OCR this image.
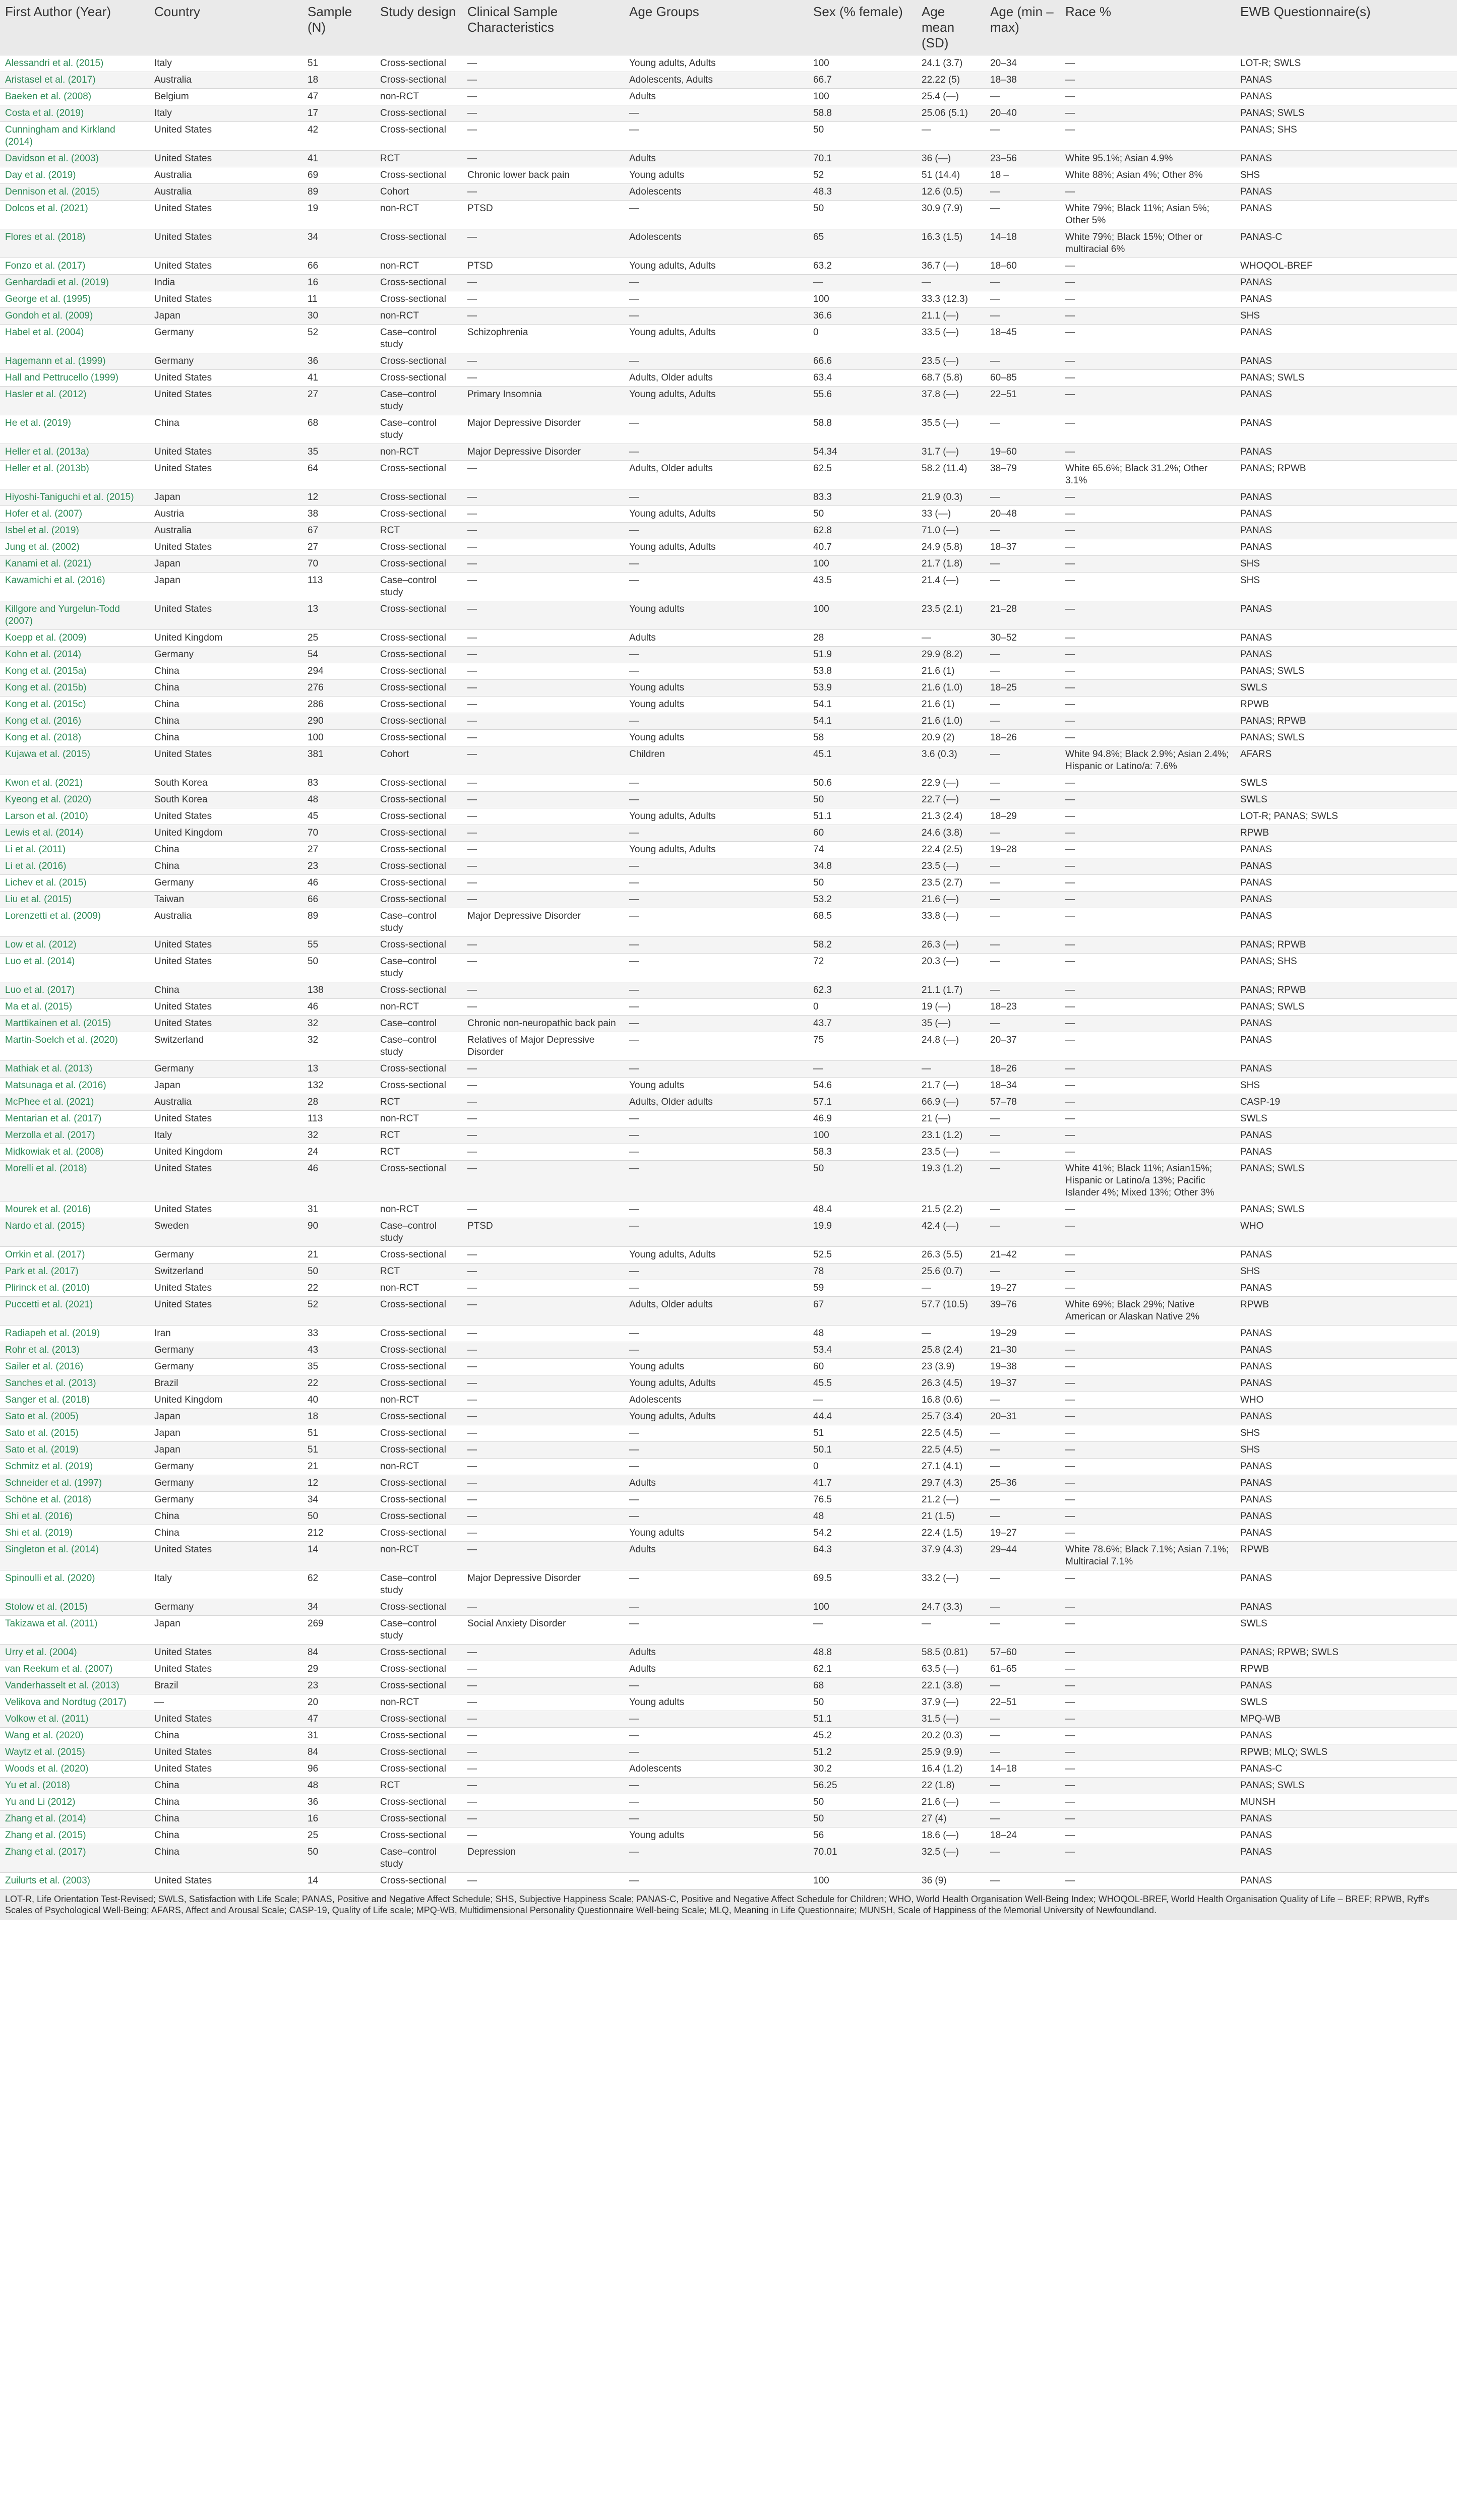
First Author (Year)	Country	Sample (N)	Study design	Clinical Sample Characteristics	Age Groups	Sex (% female)	Age mean (SD)	Age (min – max)	Race %	EWB Questionnaire(s)
Alessandri et al. (2015)	Italy	51	Cross-sectional	—	Young adults, Adults	100	24.1 (3.7)	20–34	—	LOT-R; SWLS
Aristasel et al. (2017)	Australia	18	Cross-sectional	—	Adolescents, Adults	66.7	22.22 (5)	18–38	—	PANAS
Baeken et al. (2008)	Belgium	47	non-RCT	—	Adults	100	25.4 (—)	—	—	PANAS
Costa et al. (2019)	Italy	17	Cross-sectional	—	—	58.8	25.06 (5.1)	20–40	—	PANAS; SWLS
Cunningham and Kirkland (2014)	United States	42	Cross-sectional	—	—	50	—	—	—	PANAS; SHS
Davidson et al. (2003)	United States	41	RCT	—	Adults	70.1	36 (—)	23–56	White 95.1%; Asian 4.9%	PANAS
Day et al. (2019)	Australia	69	Cross-sectional	Chronic lower back pain	Young adults	52	51 (14.4)	18 –	White 88%; Asian 4%; Other 8%	SHS
Dennison et al. (2015)	Australia	89	Cohort	—	Adolescents	48.3	12.6 (0.5)	—	—	PANAS
Dolcos et al. (2021)	United States	19	non-RCT	PTSD	—	50	30.9 (7.9)	—	White 79%; Black 11%; Asian 5%; Other 5%	PANAS
Flores et al. (2018)	United States	34	Cross-sectional	—	Adolescents	65	16.3 (1.5)	14–18	White 79%; Black 15%; Other or multiracial 6%	PANAS-C
Fonzo et al. (2017)	United States	66	non-RCT	PTSD	Young adults, Adults	63.2	36.7 (—)	18–60	—	WHOQOL-BREF
Genhardadi et al. (2019)	India	16	Cross-sectional	—	—	—	—	—	—	PANAS
George et al. (1995)	United States	11	Cross-sectional	—	—	100	33.3 (12.3)	—	—	PANAS
Gondoh et al. (2009)	Japan	30	non-RCT	—	—	36.6	21.1 (—)	—	—	SHS
Habel et al. (2004)	Germany	52	Case–control study	Schizophrenia	Young adults, Adults	0	33.5 (—)	18–45	—	PANAS
Hagemann et al. (1999)	Germany	36	Cross-sectional	—	—	66.6	23.5 (—)	—	—	PANAS
Hall and Pettrucello (1999)	United States	41	Cross-sectional	—	Adults, Older adults	63.4	68.7 (5.8)	60–85	—	PANAS; SWLS
Hasler et al. (2012)	United States	27	Case–control study	Primary Insomnia	Young adults, Adults	55.6	37.8 (—)	22–51	—	PANAS
He et al. (2019)	China	68	Case–control study	Major Depressive Disorder	—	58.8	35.5 (—)	—	—	PANAS
Heller et al. (2013a)	United States	35	non-RCT	Major Depressive Disorder	—	54.34	31.7 (—)	19–60	—	PANAS
Heller et al. (2013b)	United States	64	Cross-sectional	—	Adults, Older adults	62.5	58.2 (11.4)	38–79	White 65.6%; Black 31.2%; Other 3.1%	PANAS; RPWB
Hiyoshi-Taniguchi et al. (2015)	Japan	12	Cross-sectional	—	—	83.3	21.9 (0.3)	—	—	PANAS
Hofer et al. (2007)	Austria	38	Cross-sectional	—	Young adults, Adults	50	33 (—)	20–48	—	PANAS
Isbel et al. (2019)	Australia	67	RCT	—	—	62.8	71.0 (—)	—	—	PANAS
Jung et al. (2002)	United States	27	Cross-sectional	—	Young adults, Adults	40.7	24.9 (5.8)	18–37	—	PANAS
Kanami et al. (2021)	Japan	70	Cross-sectional	—	—	100	21.7 (1.8)	—	—	SHS
Kawamichi et al. (2016)	Japan	113	Case–control study	—	—	43.5	21.4 (—)	—	—	SHS
Killgore and Yurgelun-Todd (2007)	United States	13	Cross-sectional	—	Young adults	100	23.5 (2.1)	21–28	—	PANAS
Koepp et al. (2009)	United Kingdom	25	Cross-sectional	—	Adults	28	—	30–52	—	PANAS
Kohn et al. (2014)	Germany	54	Cross-sectional	—	—	51.9	29.9 (8.2)	—	—	PANAS
Kong et al. (2015a)	China	294	Cross-sectional	—	—	53.8	21.6 (1)	—	—	PANAS; SWLS
Kong et al. (2015b)	China	276	Cross-sectional	—	Young adults	53.9	21.6 (1.0)	18–25	—	SWLS
Kong et al. (2015c)	China	286	Cross-sectional	—	Young adults	54.1	21.6 (1)	—	—	RPWB
Kong et al. (2016)	China	290	Cross-sectional	—	—	54.1	21.6 (1.0)	—	—	PANAS; RPWB
Kong et al. (2018)	China	100	Cross-sectional	—	Young adults	58	20.9 (2)	18–26	—	PANAS; SWLS
Kujawa et al. (2015)	United States	381	Cohort	—	Children	45.1	3.6 (0.3)	—	White 94.8%; Black 2.9%; Asian 2.4%; Hispanic or Latino/a: 7.6%	AFARS
Kwon et al. (2021)	South Korea	83	Cross-sectional	—	—	50.6	22.9 (—)	—	—	SWLS
Kyeong et al. (2020)	South Korea	48	Cross-sectional	—	—	50	22.7 (—)	—	—	SWLS
Larson et al. (2010)	United States	45	Cross-sectional	—	Young adults, Adults	51.1	21.3 (2.4)	18–29	—	LOT-R; PANAS; SWLS
Lewis et al. (2014)	United Kingdom	70	Cross-sectional	—	—	60	24.6 (3.8)	—	—	RPWB
Li et al. (2011)	China	27	Cross-sectional	—	Young adults, Adults	74	22.4 (2.5)	19–28	—	PANAS
Li et al. (2016)	China	23	Cross-sectional	—	—	34.8	23.5 (—)	—	—	PANAS
Lichev et al. (2015)	Germany	46	Cross-sectional	—	—	50	23.5 (2.7)	—	—	PANAS
Liu et al. (2015)	Taiwan	66	Cross-sectional	—	—	53.2	21.6 (—)	—	—	PANAS
Lorenzetti et al. (2009)	Australia	89	Case–control study	Major Depressive Disorder	—	68.5	33.8 (—)	—	—	PANAS
Low et al. (2012)	United States	55	Cross-sectional	—	—	58.2	26.3 (—)	—	—	PANAS; RPWB
Luo et al. (2014)	United States	50	Case–control study	—	—	72	20.3 (—)	—	—	PANAS; SHS
Luo et al. (2017)	China	138	Cross-sectional	—	—	62.3	21.1 (1.7)	—	—	PANAS; RPWB
Ma et al. (2015)	United States	46	non-RCT	—	—	0	19 (—)	18–23	—	PANAS; SWLS
Marttikainen et al. (2015)	United States	32	Case–control	Chronic non-neuropathic back pain	—	43.7	35 (—)	—	—	PANAS
Martin-Soelch et al. (2020)	Switzerland	32	Case–control study	Relatives of Major Depressive Disorder	—	75	24.8 (—)	20–37	—	PANAS
Mathiak et al. (2013)	Germany	13	Cross-sectional	—	—	—	—	18–26	—	PANAS
Matsunaga et al. (2016)	Japan	132	Cross-sectional	—	Young adults	54.6	21.7 (—)	18–34	—	SHS
McPhee et al. (2021)	Australia	28	RCT	—	Adults, Older adults	57.1	66.9 (—)	57–78	—	CASP-19
Mentarian et al. (2017)	United States	113	non-RCT	—	—	46.9	21 (—)	—	—	SWLS
Merzolla et al. (2017)	Italy	32	RCT	—	—	100	23.1 (1.2)	—	—	PANAS
Midkowiak et al. (2008)	United Kingdom	24	RCT	—	—	58.3	23.5 (—)	—	—	PANAS
Morelli et al. (2018)	United States	46	Cross-sectional	—	—	50	19.3 (1.2)	—	White 41%; Black 11%; Asian15%; Hispanic or Latino/a 13%; Pacific Islander 4%; Mixed 13%; Other 3%	PANAS; SWLS
Mourek et al. (2016)	United States	31	non-RCT	—	—	48.4	21.5 (2.2)	—	—	PANAS; SWLS
Nardo et al. (2015)	Sweden	90	Case–control study	PTSD	—	19.9	42.4 (—)	—	—	WHO
Orrkin et al. (2017)	Germany	21	Cross-sectional	—	Young adults, Adults	52.5	26.3 (5.5)	21–42	—	PANAS
Park et al. (2017)	Switzerland	50	RCT	—	—	78	25.6 (0.7)	—	—	SHS
Plirinck et al. (2010)	United States	22	non-RCT	—	—	59	—	19–27	—	PANAS
Puccetti et al. (2021)	United States	52	Cross-sectional	—	Adults, Older adults	67	57.7 (10.5)	39–76	White 69%; Black 29%; Native American or Alaskan Native 2%	RPWB
Radiapeh et al. (2019)	Iran	33	Cross-sectional	—	—	48	—	19–29	—	PANAS
Rohr et al. (2013)	Germany	43	Cross-sectional	—	—	53.4	25.8 (2.4)	21–30	—	PANAS
Sailer et al. (2016)	Germany	35	Cross-sectional	—	Young adults	60	23 (3.9)	19–38	—	PANAS
Sanches et al. (2013)	Brazil	22	Cross-sectional	—	Young adults, Adults	45.5	26.3 (4.5)	19–37	—	PANAS
Sanger et al. (2018)	United Kingdom	40	non-RCT	—	Adolescents	—	16.8 (0.6)	—	—	WHO
Sato et al. (2005)	Japan	18	Cross-sectional	—	Young adults, Adults	44.4	25.7 (3.4)	20–31	—	PANAS
Sato et al. (2015)	Japan	51	Cross-sectional	—	—	51	22.5 (4.5)	—	—	SHS
Sato et al. (2019)	Japan	51	Cross-sectional	—	—	50.1	22.5 (4.5)	—	—	SHS
Schmitz et al. (2019)	Germany	21	non-RCT	—	—	0	27.1 (4.1)	—	—	PANAS
Schneider et al. (1997)	Germany	12	Cross-sectional	—	Adults	41.7	29.7 (4.3)	25–36	—	PANAS
Schöne et al. (2018)	Germany	34	Cross-sectional	—	—	76.5	21.2 (—)	—	—	PANAS
Shi et al. (2016)	China	50	Cross-sectional	—	—	48	21 (1.5)	—	—	PANAS
Shi et al. (2019)	China	212	Cross-sectional	—	Young adults	54.2	22.4 (1.5)	19–27	—	PANAS
Singleton et al. (2014)	United States	14	non-RCT	—	Adults	64.3	37.9 (4.3)	29–44	White 78.6%; Black 7.1%; Asian 7.1%; Multiracial 7.1%	RPWB
Spinoulli et al. (2020)	Italy	62	Case–control study	Major Depressive Disorder	—	69.5	33.2 (—)	—	—	PANAS
Stolow et al. (2015)	Germany	34	Cross-sectional	—	—	100	24.7 (3.3)	—	—	PANAS
Takizawa et al. (2011)	Japan	269	Case–control study	Social Anxiety Disorder	—	—	—	—	—	SWLS
Urry et al. (2004)	United States	84	Cross-sectional	—	Adults	48.8	58.5 (0.81)	57–60	—	PANAS; RPWB; SWLS
van Reekum et al. (2007)	United States	29	Cross-sectional	—	Adults	62.1	63.5 (—)	61–65	—	RPWB
Vanderhasselt et al. (2013)	Brazil	23	Cross-sectional	—	—	68	22.1 (3.8)	—	—	PANAS
Velikova and Nordtug (2017)	—	20	non-RCT	—	Young adults	50	37.9 (—)	22–51	—	SWLS
Volkow et al. (2011)	United States	47	Cross-sectional	—	—	51.1	31.5 (—)	—	—	MPQ-WB
Wang et al. (2020)	China	31	Cross-sectional	—	—	45.2	20.2 (0.3)	—	—	PANAS
Waytz et al. (2015)	United States	84	Cross-sectional	—	—	51.2	25.9 (9.9)	—	—	RPWB; MLQ; SWLS
Woods et al. (2020)	United States	96	Cross-sectional	—	Adolescents	30.2	16.4 (1.2)	14–18	—	PANAS-C
Yu et al. (2018)	China	48	RCT	—	—	56.25	22 (1.8)	—	—	PANAS; SWLS
Yu and Li (2012)	China	36	Cross-sectional	—	—	50	21.6 (—)	—	—	MUNSH
Zhang et al. (2014)	China	16	Cross-sectional	—	—	50	27 (4)	—	—	PANAS
Zhang et al. (2015)	China	25	Cross-sectional	—	Young adults	56	18.6 (—)	18–24	—	PANAS
Zhang et al. (2017)	China	50	Case–control study	Depression	—	70.01	32.5 (—)	—	—	PANAS
Zuilurts et al. (2003)	United States	14	Cross-sectional	—	—	100	36 (9)	—	—	PANAS
LOT-R, Life Orientation Test-Revised; SWLS, Satisfaction with Life Scale; PANAS, Positive and Negative Affect Schedule; SHS, Subjective Happiness Scale; PANAS-C, Positive and Negative Affect Schedule for Children; WHO, World Health Organisation Well-Being Index; WHOQOL-BREF, World Health Organisation Quality of Life – BREF; RPWB, Ryff's Scales of Psychological Well-Being; AFARS, Affect and Arousal Scale; CASP-19, Quality of Life scale; MPQ-WB, Multidimensional Personality Questionnaire Well-being Scale; MLQ, Meaning in Life Questionnaire; MUNSH, Scale of Happiness of the Memorial University of Newfoundland.
